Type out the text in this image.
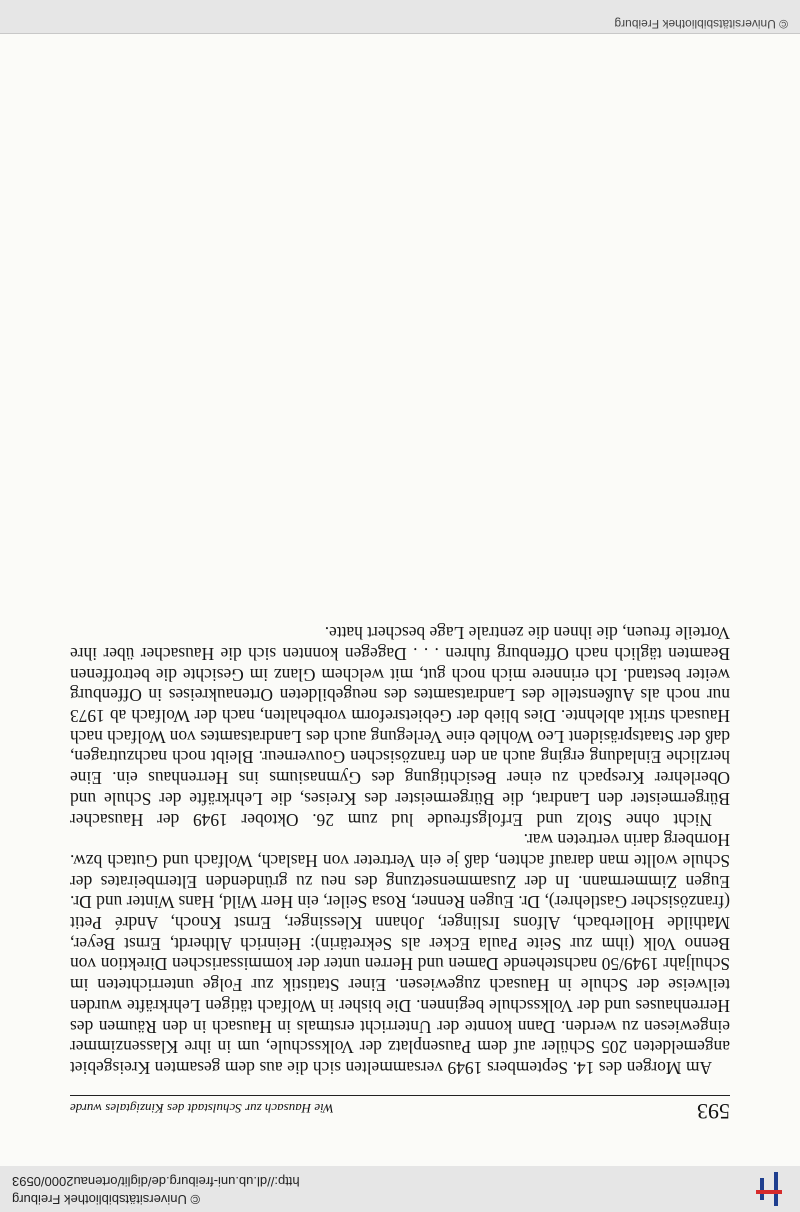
© Universitätsbibliothek Freiburg
http://dl.ub.uni-freiburg.de/diglit/ortenau2000/0593
593
Wie Hausach zur Schulstadt des Kinzigtales wurde

Am Morgen des 14. Septembers 1949 versammelten sich die aus dem gesamten Kreisgebiet angemeldeten 205 Schüler auf dem Pausenplatz der Volksschule, um in ihre Klassenzimmer eingewiesen zu werden. Dann konnte der Unterricht erstmals in Hausach in den Räumen des Herrenhauses und der Volksschule beginnen. Die bisher in Wolfach tätigen Lehrkräfte wurden teilweise der Schule in Hausach zugewiesen. Einer Statistik zur Folge unterrichteten im Schuljahr 1949/50 nachstehende Damen und Herren unter der kommissarischen Direktion von Benno Volk (ihm zur Seite Paula Ecker als Sekretärin): Heinrich Altherdt, Ernst Beyer, Mathilde Hollerbach, Alfons Irslinger, Johann Klessinger, Ernst Knoch, André Petit (französischer Gastlehrer), Dr. Eugen Renner, Rosa Seiler, ein Herr Wild, Hans Winter und Dr. Eugen Zimmermann. In der Zusammensetzung des neu zu gründenden Elternbeirates der Schule wollte man darauf achten, daß je ein Vertreter von Haslach, Wolfach und Gutach bzw. Hornberg darin vertreten war.

Nicht ohne Stolz und Erfolgsfreude lud zum 26. Oktober 1949 der Hausacher Bürgermeister den Landrat, die Bürgermeister des Kreises, die Lehrkräfte der Schule und Oberlehrer Krespach zu einer Besichtigung des Gymnasiums ins Herrenhaus ein. Eine herzliche Einladung erging auch an den französischen Gouverneur. Bleibt noch nachzutragen, daß der Staatspräsident Leo Wohleb eine Verlegung auch des Landratsamtes von Wolfach nach Hausach strikt ablehnte. Dies blieb der Gebietsreform vorbehalten, nach der Wolfach ab 1973 nur noch als Außenstelle des Landratsamtes des neugebildeten Ortenaukreises in Offenburg weiter bestand. Ich erinnere mich noch gut, mit welchem Glanz im Gesichte die betroffenen Beamten täglich nach Offenburg fuhren . . . Dagegen konnten sich die Hausacher über ihre Vorteile freuen, die ihnen die zentrale Lage beschert hatte.

© Universitätsbibliothek Freiburg
